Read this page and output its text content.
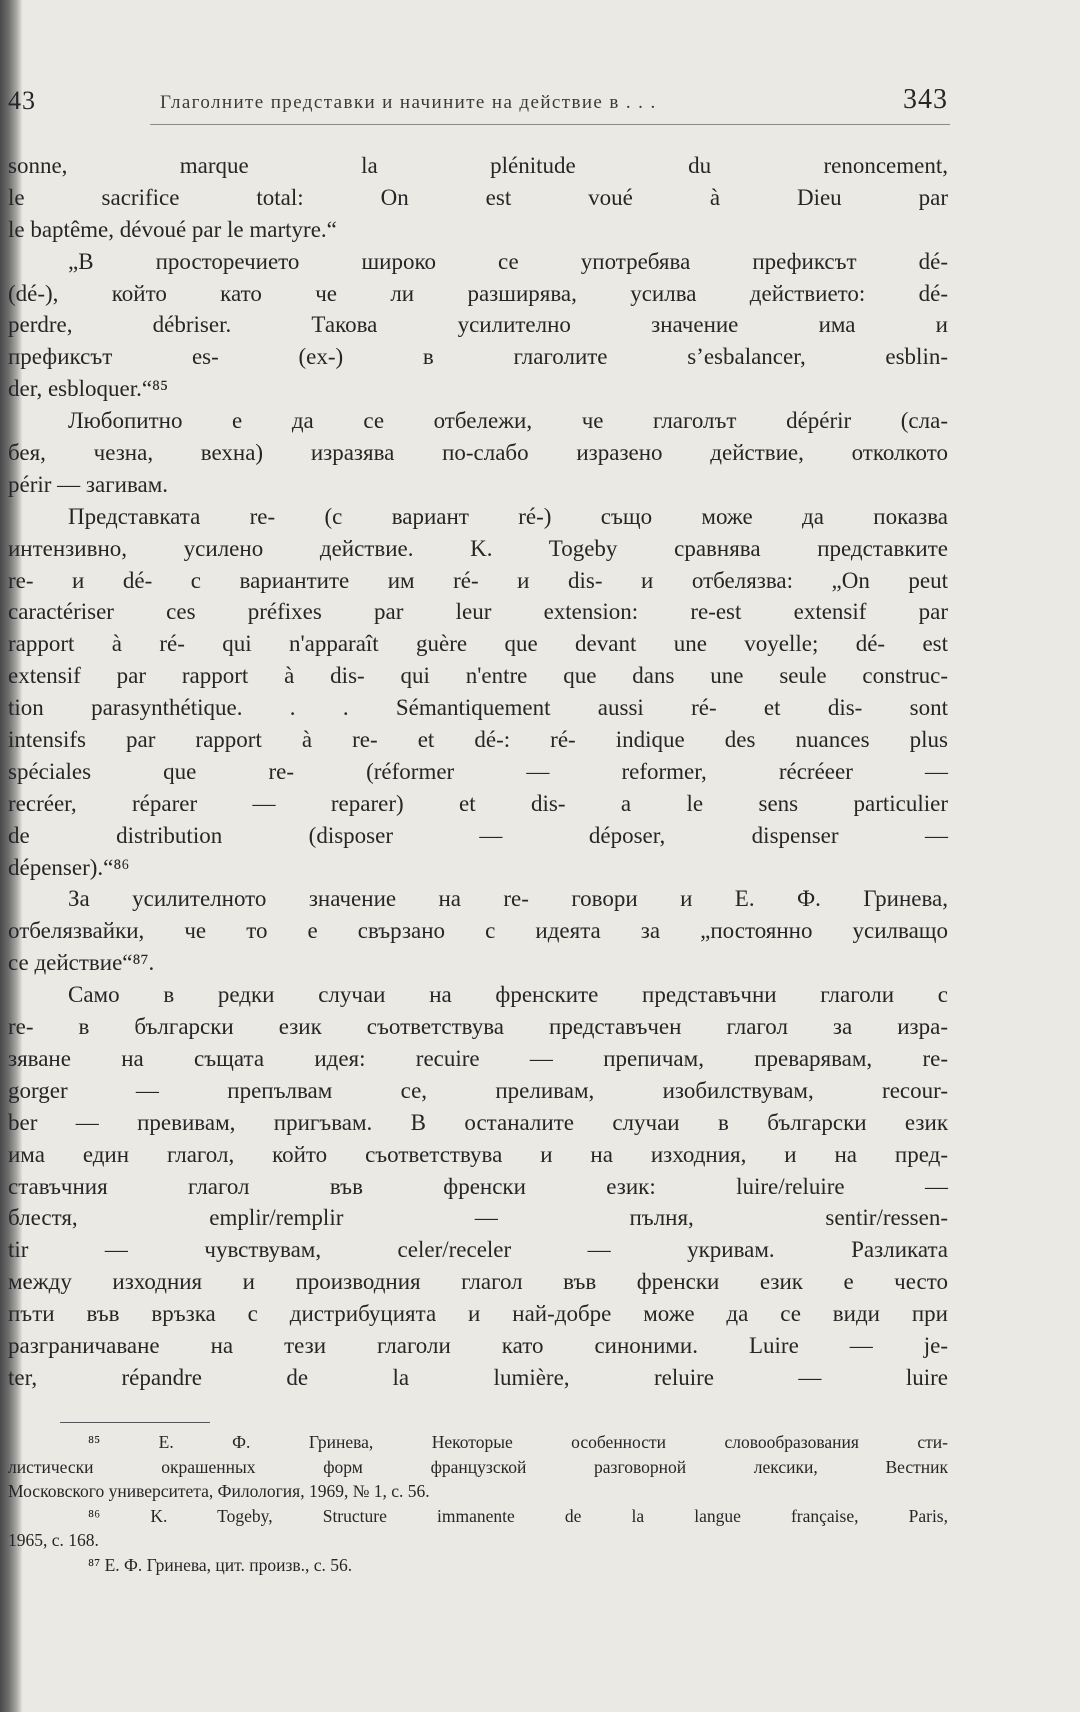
43	Глаголните представки и начините на действие в . . .	343
sonne, marque la plénitude du renoncement,
le sacrifice total: On est voué à Dieu par
le baptême, dévoué par le martyre.“
„В просторечието широко се употребява префиксът dé-
(dé-), който като че ли разширява, усилва действието: dé-
perdre, débriser. Такова усилително значение има и
префиксът es- (ex-) в глаголите s’esbalancer, esblin-
der, esbloquer.“⁸⁵
Любопитно е да се отбележи, че глаголът dépérir (сла-
бея, чезна, вехна) изразява по-слабо изразено действие, отколкото
périr — загивам.
Представката re- (с вариант ré-) също може да показва
интензивно, усилено действие. K. Togeby сравнява представките
re- и dé- с вариантите им ré- и dis- и отбелязва: „On peut
caractériser ces préfixes par leur extension: re-est extensif par
rapport à ré- qui n'apparaît guère que devant une voyelle; dé- est
extensif par rapport à dis- qui n'entre que dans une seule construc-
tion parasynthétique. . . Sémantiquement aussi ré- et dis- sont
intensifs par rapport à re- et dé-: ré- indique des nuances plus
spéciales que re- (réformer — reformer, récréeer —
recréer, réparer — reparer) et dis- a le sens particulier
de distribution (disposer — déposer, dispenser —
dépenser).“⁸⁶
За усилителното значение на re- говори и Е. Ф. Гринева,
отбелязвайки, че то е свързано с идеята за „постоянно усилващо
се действие“⁸⁷.
Само в редки случаи на френските представъчни глаголи с
re- в български език съответствува представъчен глагол за изра-
зяване на същата идея: recuire — препичам, преварявам, re-
gorger — препълвам се, преливам, изобилствувам, recour-
ber — превивам, пригъвам. В останалите случаи в български език
има един глагол, който съответствува и на изходния, и на пред-
ставъчния глагол във френски език: luire/reluire —
блестя, emplir/remplir — пълня, sentir/ressen-
tir — чувствувам, celer/receler — укривам. Разликата
между изходния и производния глагол във френски език е често
пъти във връзка с дистрибуцията и най-добре може да се види при
разграничаване на тези глаголи като синоними. Luire — je-
ter, répandre de la lumière, reluire — luire
⁸⁵ Е. Ф. Гринева, Некоторые особенности словообразования сти-
листически окрашенных форм французской разговорной лексики, Вестник
Московского университета, Филология, 1969, № 1, с. 56.
⁸⁶ K. Togeby, Structure immanente de la langue française, Paris,
1965, с. 168.
⁸⁷ Е. Ф. Гринева, цит. произв., с. 56.
